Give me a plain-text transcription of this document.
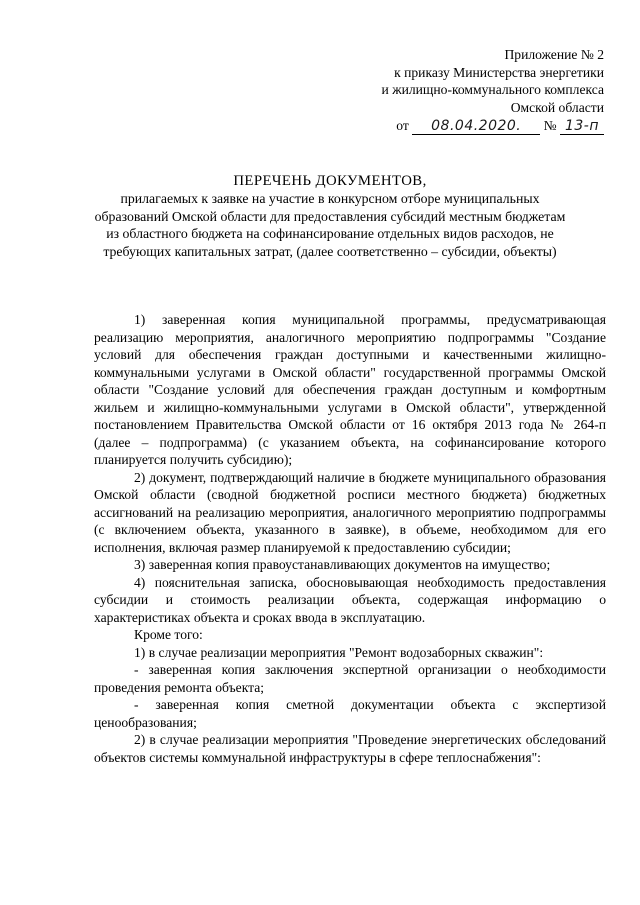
Приложение № 2
к приказу Министерства энергетики
и жилищно-коммунального комплекса
Омской области
от 08.04.2020. № 13-п
ПЕРЕЧЕНЬ ДОКУМЕНТОВ,
прилагаемых к заявке на участие в конкурсном отборе муниципальных образований Омской области для предоставления субсидий местным бюджетам из областного бюджета на софинансирование отдельных видов расходов, не требующих капитальных затрат, (далее соответственно – субсидии, объекты)

1) заверенная копия муниципальной программы, предусматривающая реализацию мероприятия, аналогичного мероприятию подпрограммы "Создание условий для обеспечения граждан доступными и качественными жилищно-коммунальными услугами в Омской области" государственной программы Омской области "Создание условий для обеспечения граждан доступным и комфортным жильем и жилищно-коммунальными услугами в Омской области", утвержденной постановлением Правительства Омской области от 16 октября 2013 года № 264-п (далее – подпрограмма) (с указанием объекта, на софинансирование которого планируется получить субсидию);

2) документ, подтверждающий наличие в бюджете муниципального образования Омской области (сводной бюджетной росписи местного бюджета) бюджетных ассигнований на реализацию мероприятия, аналогичного мероприятию подпрограммы (с включением объекта, указанного в заявке), в объеме, необходимом для его исполнения, включая размер планируемой к предоставлению субсидии;

3) заверенная копия правоустанавливающих документов на имущество;

4) пояснительная записка, обосновывающая необходимость предоставления субсидии и стоимость реализации объекта, содержащая информацию о характеристиках объекта и сроках ввода в эксплуатацию.

Кроме того:

1) в случае реализации мероприятия "Ремонт водозаборных скважин":

- заверенная копия заключения экспертной организации о необходимости проведения ремонта объекта;

- заверенная копия сметной документации объекта с экспертизой ценообразования;

2) в случае реализации мероприятия "Проведение энергетических обследований объектов системы коммунальной инфраструктуры в сфере теплоснабжения":
